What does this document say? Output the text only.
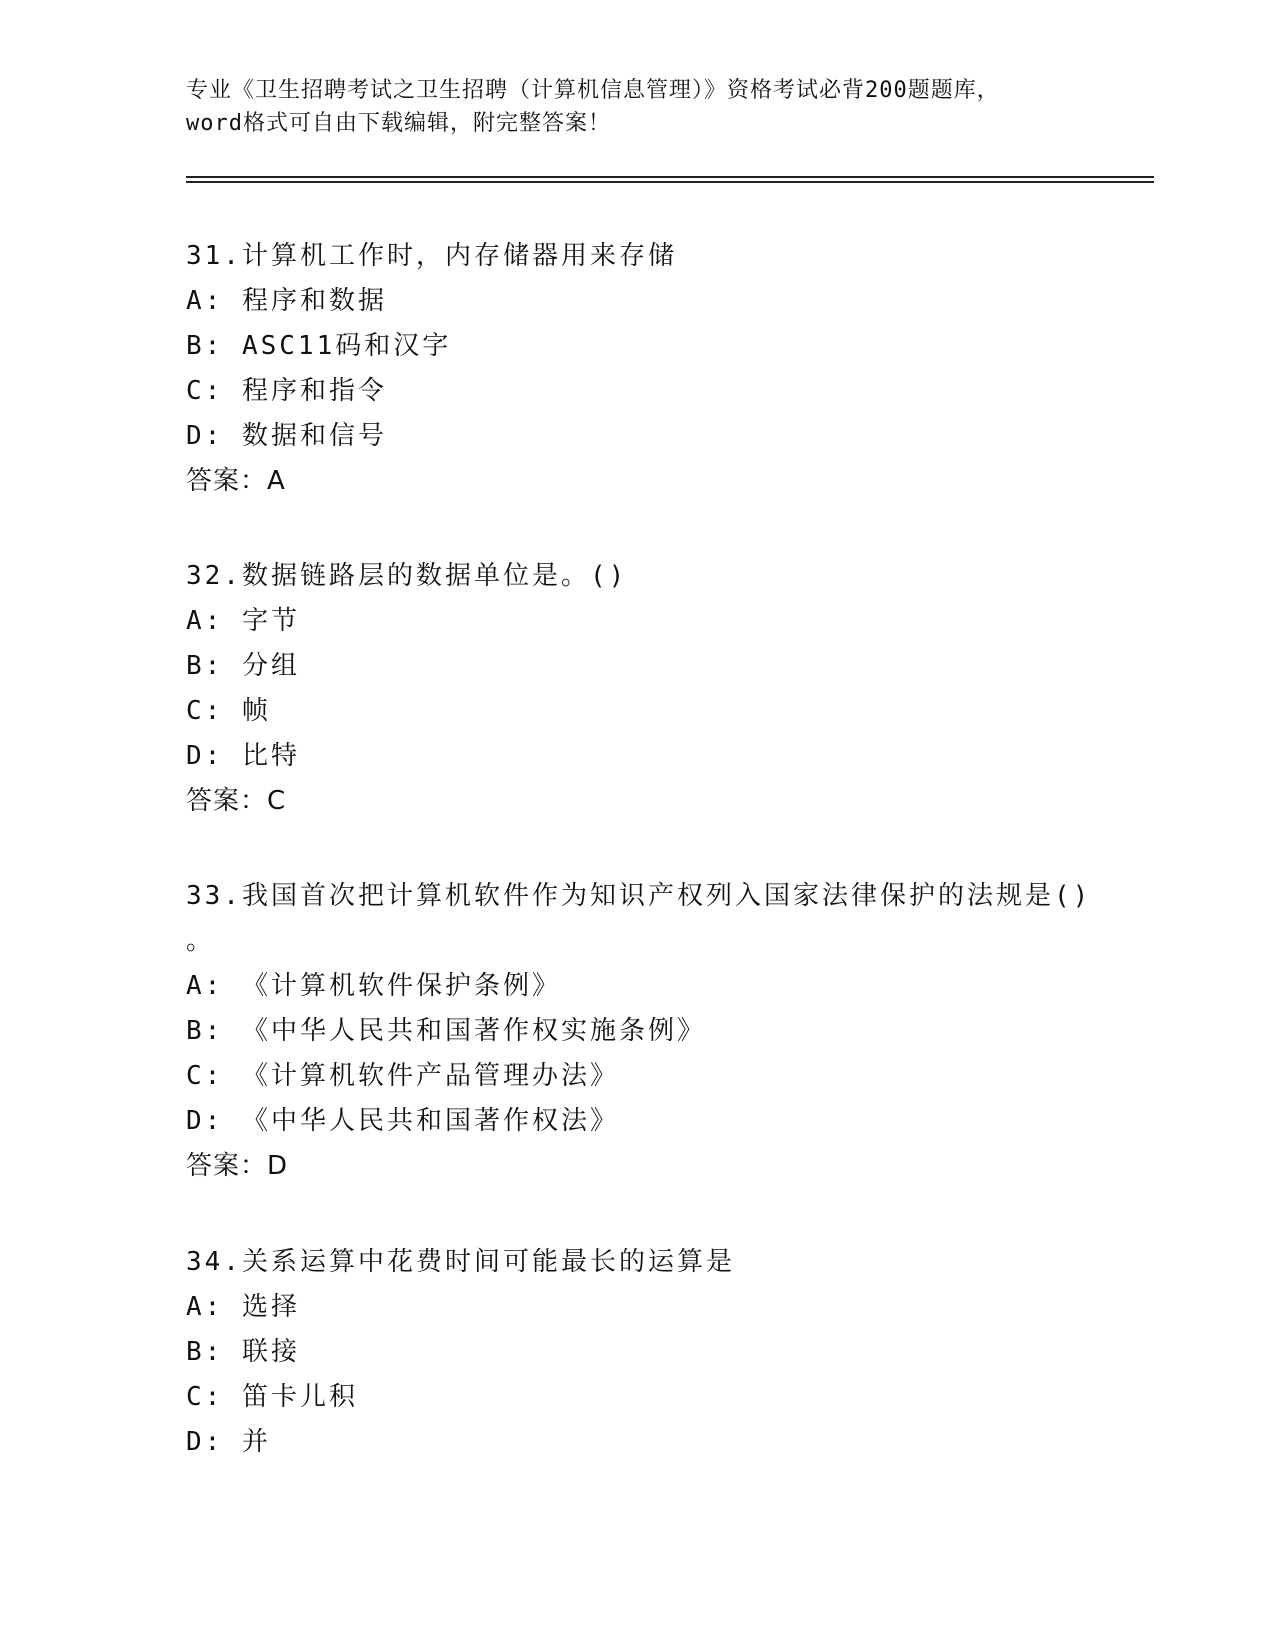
专业《卫生招聘考试之卫生招聘（计算机信息管理）》资格考试必背200题题库，
word格式可自由下载编辑，附完整答案！
31.计算机工作时，内存储器用来存储
A: 程序和数据
B: ASC11码和汉字
C: 程序和指令
D: 数据和信号
答案：A
32.数据链路层的数据单位是。()
A: 字节
B: 分组
C: 帧
D: 比特
答案：C
33.我国首次把计算机软件作为知识产权列入国家法律保护的法规是()
。
A: 《计算机软件保护条例》
B: 《中华人民共和国著作权实施条例》
C: 《计算机软件产品管理办法》
D: 《中华人民共和国著作权法》
答案：D
34.关系运算中花费时间可能最长的运算是
A: 选择
B: 联接
C: 笛卡儿积
D: 并
